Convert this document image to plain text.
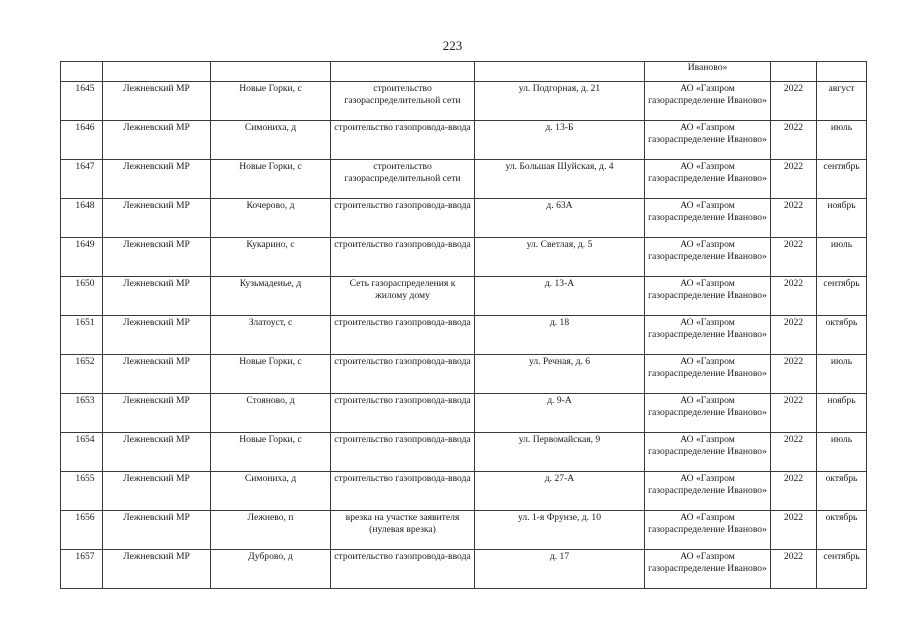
223
					Иваново»		
1645	Лежневский МР	Новые Горки, с	строительство газораспределительной сети	ул. Подгорная, д. 21	АО «Газпром газораспределение Иваново»	2022	август
1646	Лежневский МР	Симониха, д	строительство газопровода-ввода	д. 13-Б	АО «Газпром газораспределение Иваново»	2022	июль
1647	Лежневский МР	Новые Горки, с	строительство газораспределительной сети	ул. Большая Шуйская, д. 4	АО «Газпром газораспределение Иваново»	2022	сентябрь
1648	Лежневский МР	Кочерово, д	строительство газопровода-ввода	д. 63А	АО «Газпром газораспределение Иваново»	2022	ноябрь
1649	Лежневский МР	Кукарино, с	строительство газопровода-ввода	ул. Светлая, д. 5	АО «Газпром газораспределение Иваново»	2022	июль
1650	Лежневский МР	Кузьмадеиье, д	Сеть газораспределения к жилому дому	д. 13-А	АО «Газпром газораспределение Иваново»	2022	сентябрь
1651	Лежневский МР	Златоуст, с	строительство газопровода-ввода	д. 18	АО «Газпром газораспределение Иваново»	2022	октябрь
1652	Лежневский МР	Новые Горки, с	строительство газопровода-ввода	ул. Речная, д. 6	АО «Газпром газораспределение Иваново»	2022	июль
1653	Лежневский МР	Стояново, д	строительство газопровода-ввода	д. 9-А	АО «Газпром газораспределение Иваново»	2022	ноябрь
1654	Лежневский МР	Новые Горки, с	строительство газопровода-ввода	ул. Первомайская, 9	АО «Газпром газораспределение Иваново»	2022	июль
1655	Лежневский МР	Симониха, д	строительство газопровода-ввода	д. 27-А	АО «Газпром газораспределение Иваново»	2022	октябрь
1656	Лежневский МР	Лежнево, п	врезка на участке заявителя (нулевая врезка)	ул. 1-я Фрунзе, д. 10	АО «Газпром газораспределение Иваново»	2022	октябрь
1657	Лежневский МР	Дуброво, д	строительство газопровода-ввода	д. 17	АО «Газпром газораспределение Иваново»	2022	сентябрь
